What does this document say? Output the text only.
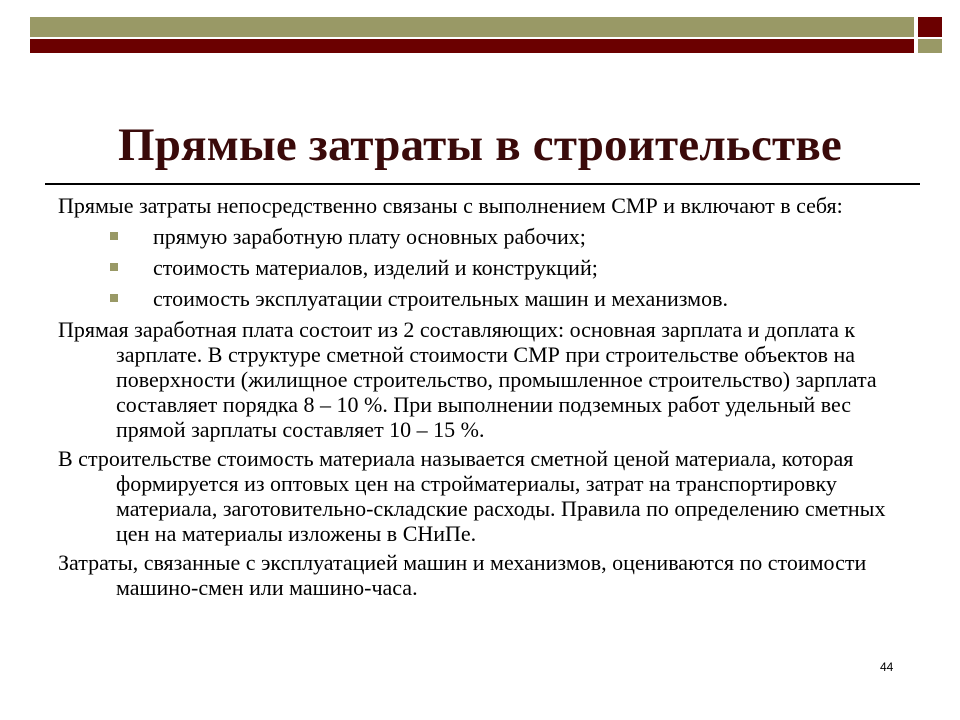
Прямые затраты в строительстве

Прямые затраты непосредственно связаны с выполнением СМР и включают в себя:

прямую заработную плату основных рабочих;
стоимость материалов, изделий и конструкций;
стоимость эксплуатации строительных машин и механизмов.

Прямая заработная плата состоит из 2 составляющих: основная зарплата и доплата к зарплате. В структуре сметной стоимости СМР при строительстве объектов на поверхности (жилищное строительство, промышленное строительство) зарплата составляет порядка 8 – 10 %. При выполнении подземных работ удельный вес прямой зарплаты составляет 10 – 15 %.

В строительстве стоимость материала называется сметной ценой материала, которая формируется из оптовых цен на стройматериалы, затрат на транспортировку материала, заготовительно-складские расходы. Правила по определению сметных цен на материалы изложены в СНиПе.

Затраты, связанные с эксплуатацией машин и механизмов, оцениваются по стоимости машино-смен или машино-часа.

44
